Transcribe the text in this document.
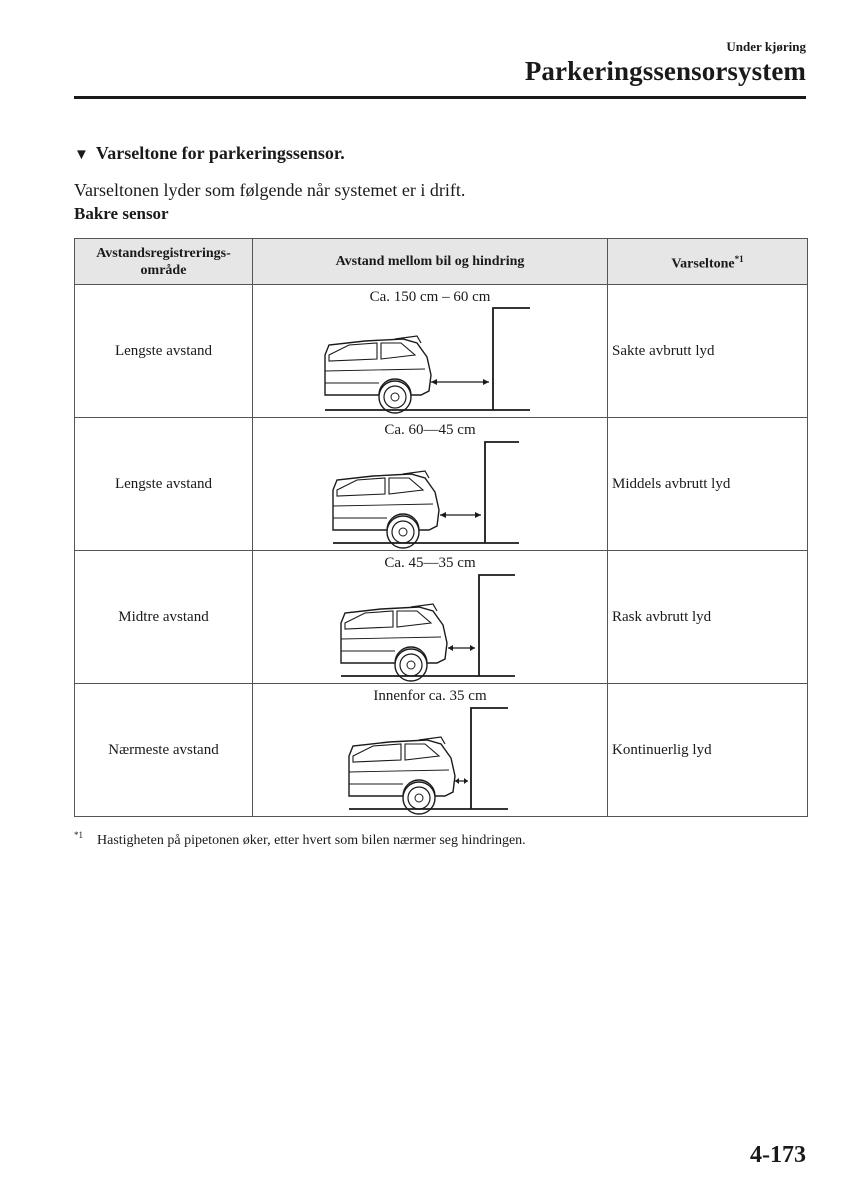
Under kjøring
Parkeringssensorsystem
▼ Varseltone for parkeringssensor.
Varseltonen lyder som følgende når systemet er i drift.
Bakre sensor
Avstandsregistrerings-
område	Avstand mellom bil og hindring	Varseltone$^{*1}$
Lengste avstand	Ca. 150 cm – 60 cm	Sakte avbrutt lyd
Lengste avstand	Ca. 60—45 cm	Middels avbrutt lyd
Midtre avstand	Ca. 45—35 cm	Rask avbrutt lyd
Nærmeste avstand	Innenfor ca. 35 cm	Kontinuerlig lyd
$^{*1}$ Hastigheten på pipetonen øker, etter hvert som bilen nærmer seg hindringen.
4-173
